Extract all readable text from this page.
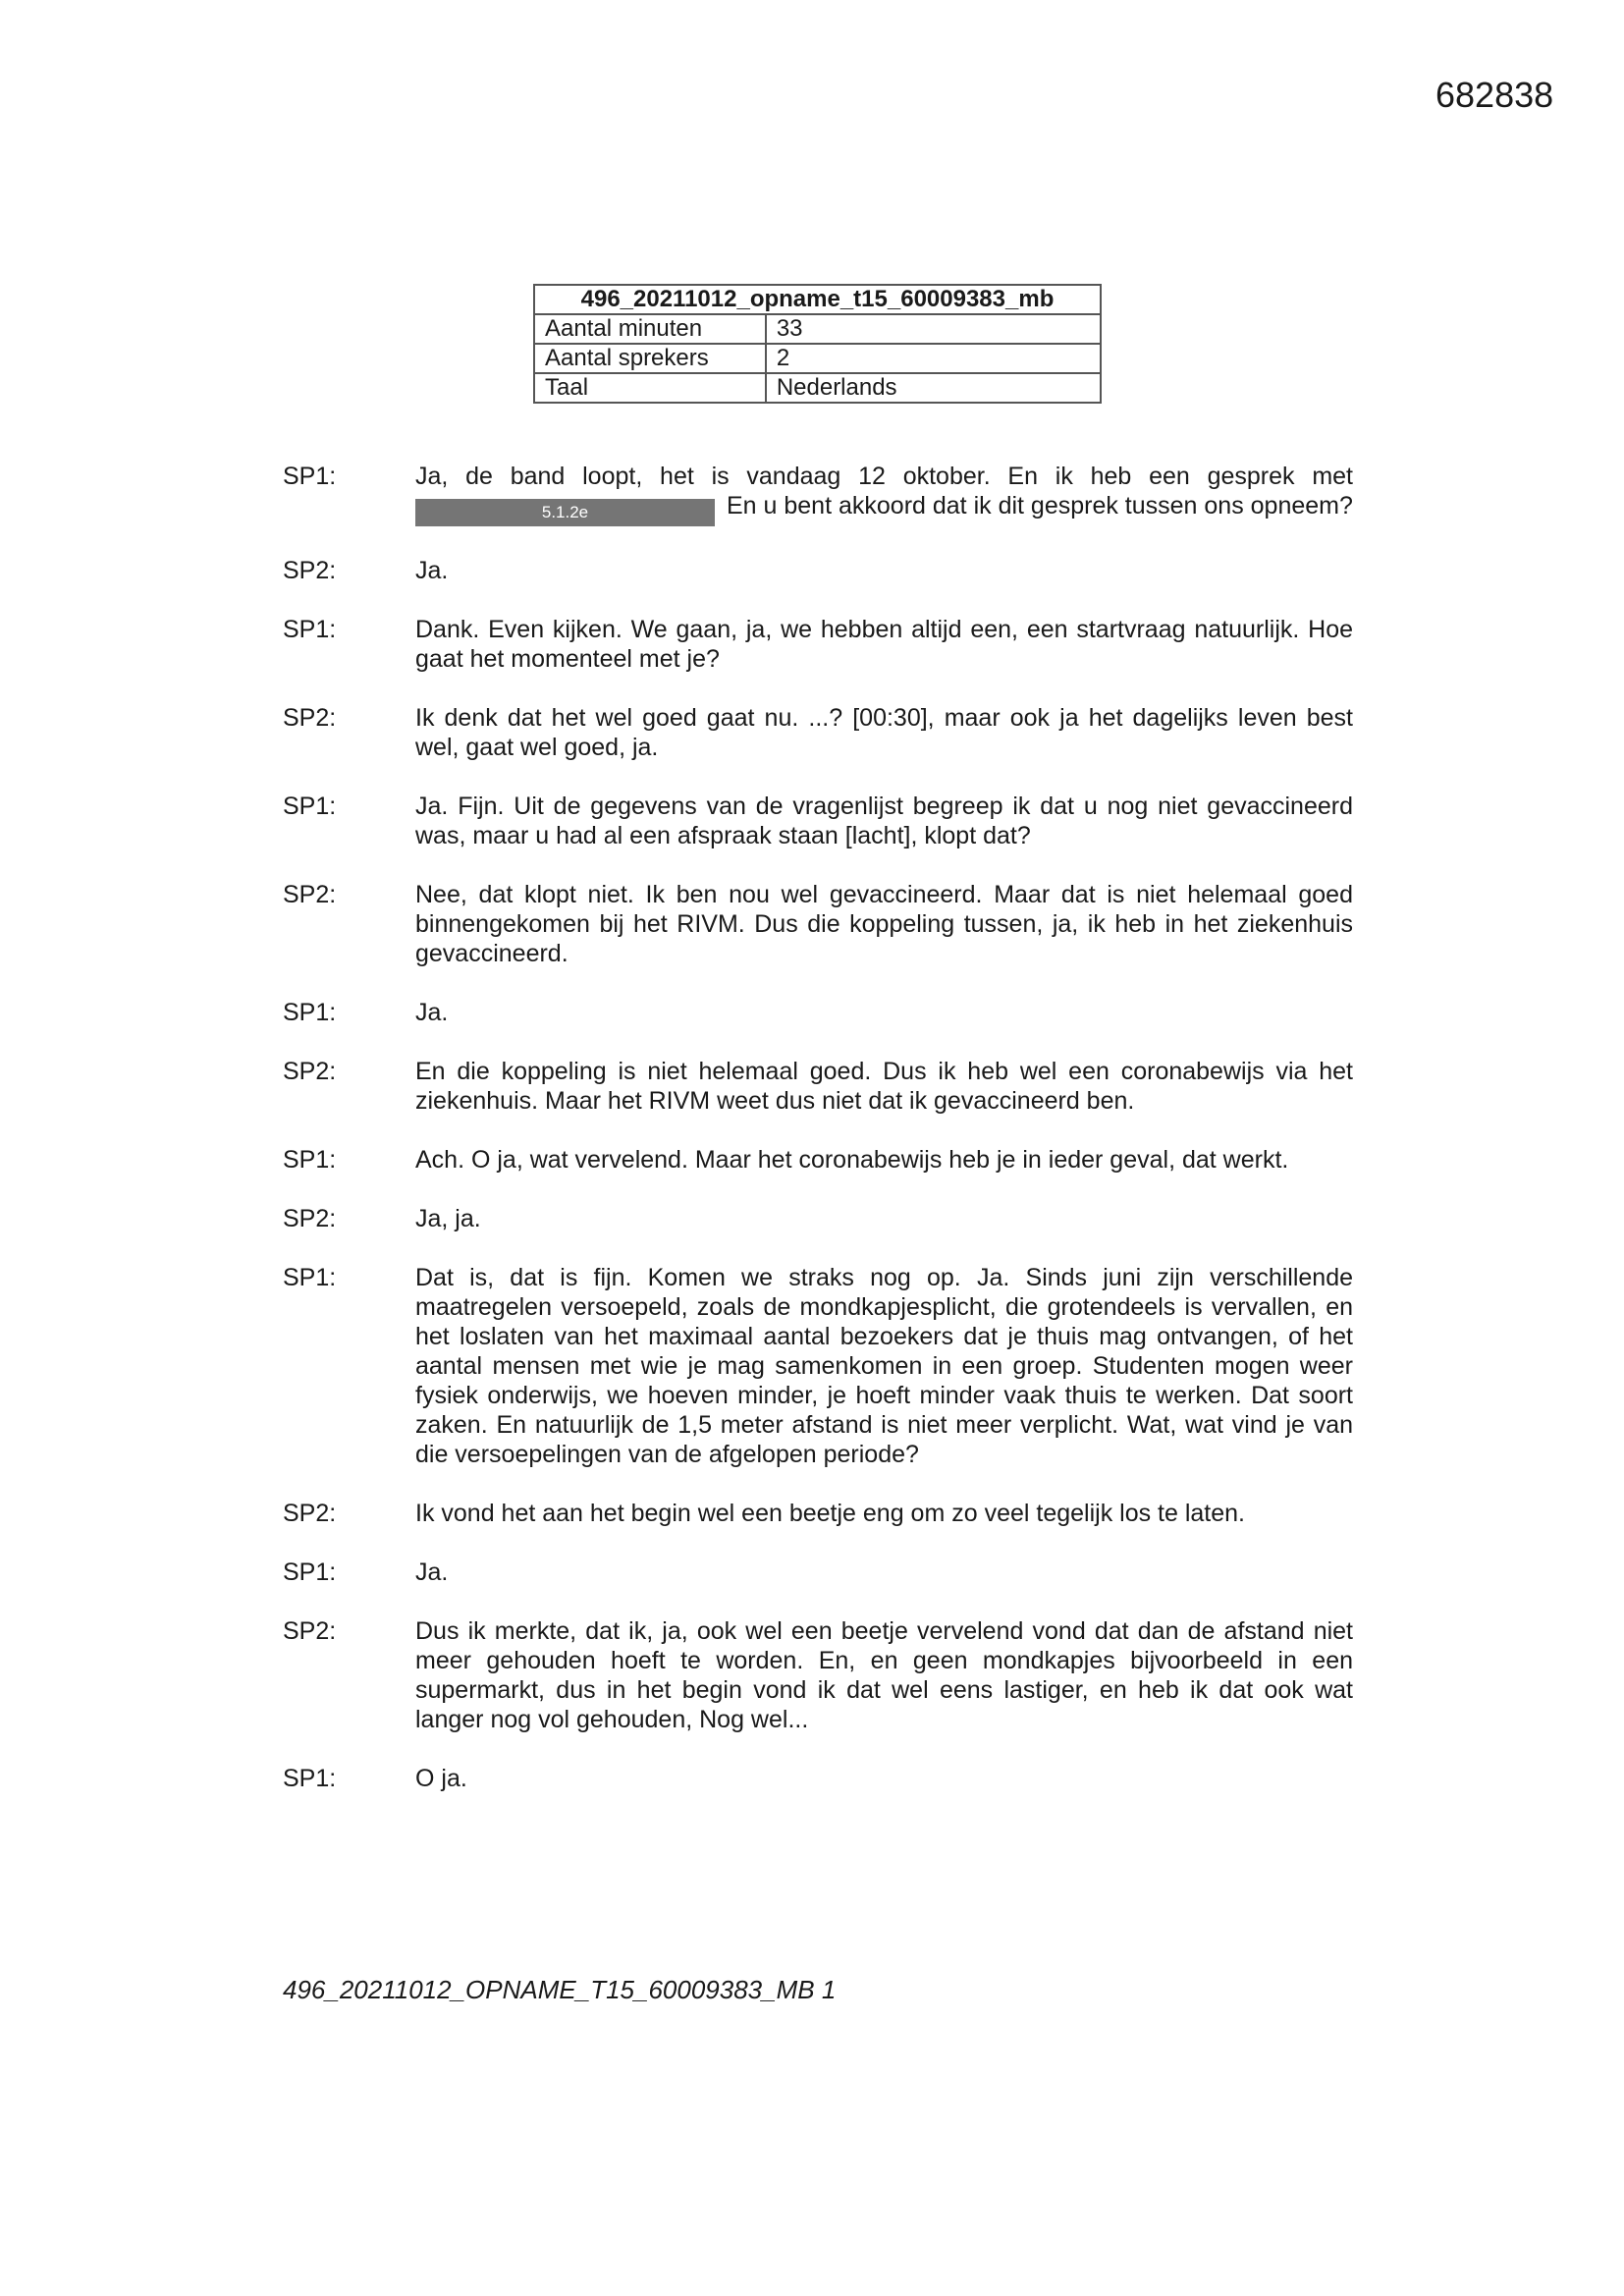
682838
496_20211012_opname_t15_60009383_mb	
Aantal minuten	33
Aantal sprekers	2
Taal	Nederlands
SP1:	Ja, de band loopt, het is vandaag 12 oktober. En ik heb een gesprek met 5.1.2e	En u bent akkoord dat ik dit gesprek tussen ons opneem?

SP2:	Ja.

SP1:	Dank. Even kijken. We gaan, ja, we hebben altijd een, een startvraag natuurlijk. Hoe gaat het momenteel met je?

SP2:	Ik denk dat het wel goed gaat nu. ...? [00:30], maar ook ja het dagelijks leven best wel, gaat wel goed, ja.

SP1:	Ja. Fijn. Uit de gegevens van de vragenlijst begreep ik dat u nog niet gevaccineerd was, maar u had al een afspraak staan [lacht], klopt dat?

SP2:	Nee, dat klopt niet. Ik ben nou wel gevaccineerd. Maar dat is niet helemaal goed binnengekomen bij het RIVM. Dus die koppeling tussen, ja, ik heb in het ziekenhuis gevaccineerd.

SP1:	Ja.

SP2:	En die koppeling is niet helemaal goed. Dus ik heb wel een coronabewijs via het ziekenhuis. Maar het RIVM weet dus niet dat ik gevaccineerd ben.

SP1:	Ach. O ja, wat vervelend. Maar het coronabewijs heb je in ieder geval, dat werkt.

SP2:	Ja, ja.

SP1:	Dat is, dat is fijn. Komen we straks nog op. Ja. Sinds juni zijn verschillende maatregelen versoepeld, zoals de mondkapjesplicht, die grotendeels is vervallen, en het loslaten van het maximaal aantal bezoekers dat je thuis mag ontvangen, of het aantal mensen met wie je mag samenkomen in een groep. Studenten mogen weer fysiek onderwijs, we hoeven minder, je hoeft minder vaak thuis te werken. Dat soort zaken. En natuurlijk de 1,5 meter afstand is niet meer verplicht. Wat, wat vind je van die versoepelingen van de afgelopen periode?

SP2:	Ik vond het aan het begin wel een beetje eng om zo veel tegelijk los te laten.

SP1:	Ja.

SP2:	Dus ik merkte, dat ik, ja, ook wel een beetje vervelend vond dat dan de afstand niet meer gehouden hoeft te worden. En, en geen mondkapjes bijvoorbeeld in een supermarkt, dus in het begin vond ik dat wel eens lastiger, en heb ik dat ook wat langer nog vol gehouden, Nog wel...

SP1:	O ja.

496_20211012_OPNAME_T15_60009383_MB 1
